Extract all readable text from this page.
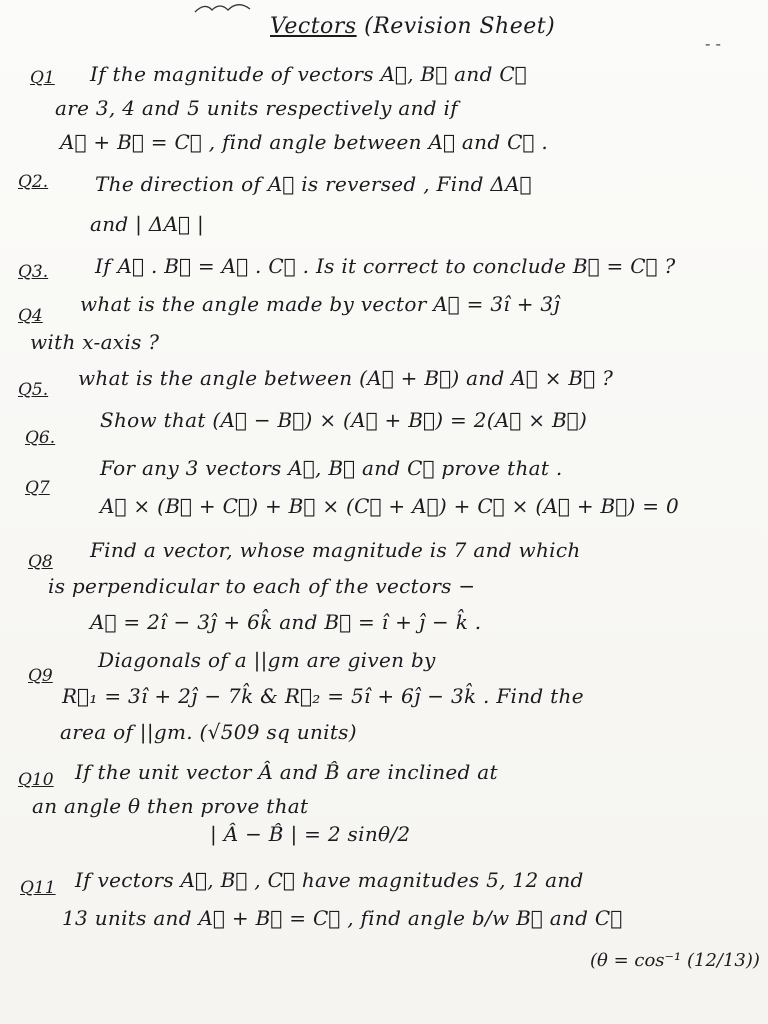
Vectors (Revision Sheet)
- -
Q1 If the magnitude of vectors A⃗, B⃗ and C⃗
are 3, 4 and 5 units respectively and if
A⃗ + B⃗ = C⃗ , find angle between A⃗ and C⃗ .
Q2. The direction of A⃗ is reversed , Find ΔA⃗
and | ΔA⃗ |
Q3. If A⃗ . B⃗ = A⃗ . C⃗ . Is it correct to conclude B⃗ = C⃗ ?
Q4 what is the angle made by vector A⃗ = 3î + 3ĵ
with x-axis ?
Q5. what is the angle between (A⃗ + B⃗) and A⃗ × B⃗ ?
Q6.
Show that (A⃗ − B⃗) × (A⃗ + B⃗) = 2(A⃗ × B⃗)
Q7
For any 3 vectors A⃗, B⃗ and C⃗ prove that .
A⃗ × (B⃗ + C⃗) + B⃗ × (C⃗ + A⃗) + C⃗ × (A⃗ + B⃗) = 0
Q8 Find a vector, whose magnitude is 7 and which
is perpendicular to each of the vectors −
A⃗ = 2î − 3ĵ + 6k̂ and B⃗ = î + ĵ − k̂ .
Q9
Diagonals of a ||gm are given by
R⃗₁ = 3î + 2ĵ − 7k̂ & R⃗₂ = 5î + 6ĵ − 3k̂ . Find the
area of ||gm. (√509 sq units)
Q10 If the unit vector Â and B̂ are inclined at
an angle θ then prove that
| Â − B̂ | = 2 sinθ/2
Q11 If vectors A⃗, B⃗ , C⃗ have magnitudes 5, 12 and
13 units and A⃗ + B⃗ = C⃗ , find angle b/w B⃗ and C⃗
(θ = cos⁻¹ (12/13))
